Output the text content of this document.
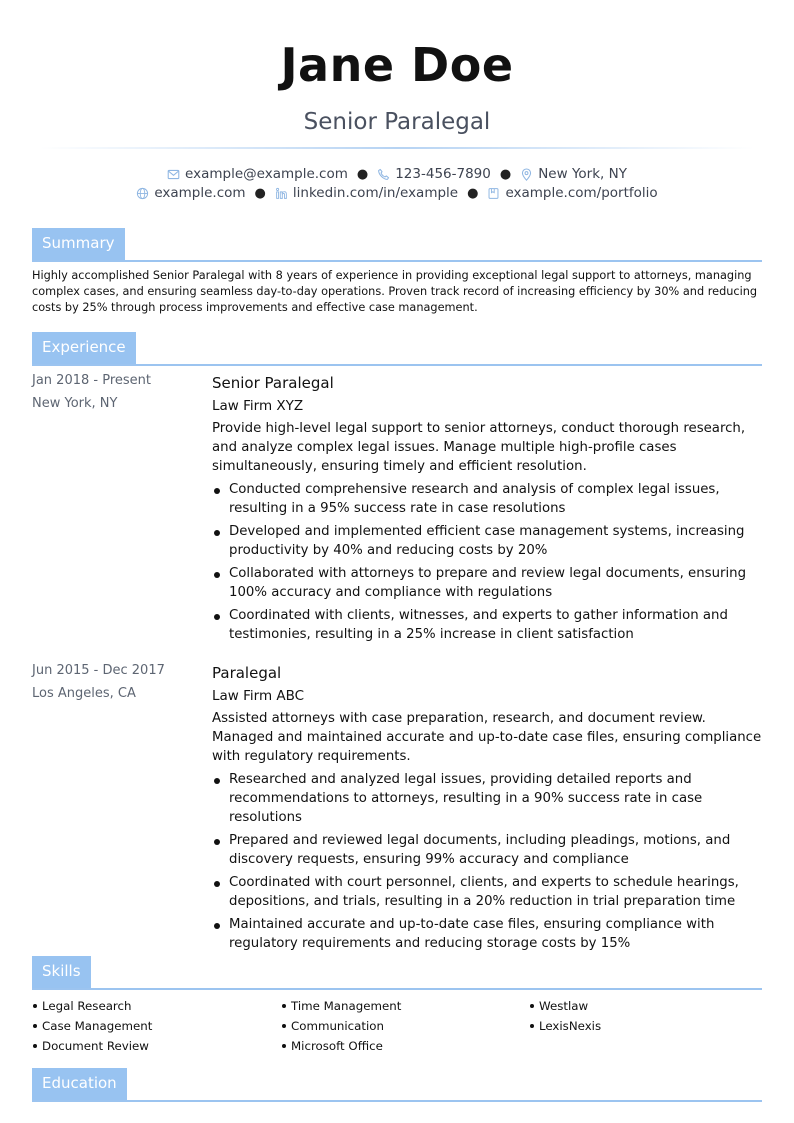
Jane Doe
Senior Paralegal
example@example.com ● 123-456-7890 ● New York, NY
example.com ● linkedin.com/in/example ● example.com/portfolio
Summary
Highly accomplished Senior Paralegal with 8 years of experience in providing exceptional legal support to attorneys, managing complex cases, and ensuring seamless day-to-day operations. Proven track record of increasing efficiency by 30% and reducing costs by 25% through process improvements and effective case management.
Experience
Jan 2018 - Present
New York, NY
Senior Paralegal
Law Firm XYZ
Provide high-level legal support to senior attorneys, conduct thorough research, and analyze complex legal issues. Manage multiple high-profile cases simultaneously, ensuring timely and efficient resolution.
Conducted comprehensive research and analysis of complex legal issues, resulting in a 95% success rate in case resolutions
Developed and implemented efficient case management systems, increasing productivity by 40% and reducing costs by 20%
Collaborated with attorneys to prepare and review legal documents, ensuring 100% accuracy and compliance with regulations
Coordinated with clients, witnesses, and experts to gather information and testimonies, resulting in a 25% increase in client satisfaction
Jun 2015 - Dec 2017
Los Angeles, CA
Paralegal
Law Firm ABC
Assisted attorneys with case preparation, research, and document review. Managed and maintained accurate and up-to-date case files, ensuring compliance with regulatory requirements.
Researched and analyzed legal issues, providing detailed reports and recommendations to attorneys, resulting in a 90% success rate in case resolutions
Prepared and reviewed legal documents, including pleadings, motions, and discovery requests, ensuring 99% accuracy and compliance
Coordinated with court personnel, clients, and experts to schedule hearings, depositions, and trials, resulting in a 20% reduction in trial preparation time
Maintained accurate and up-to-date case files, ensuring compliance with regulatory requirements and reducing storage costs by 15%
Skills
Legal Research
Case Management
Document Review
Time Management
Communication
Microsoft Office
Westlaw
LexisNexis
Education
